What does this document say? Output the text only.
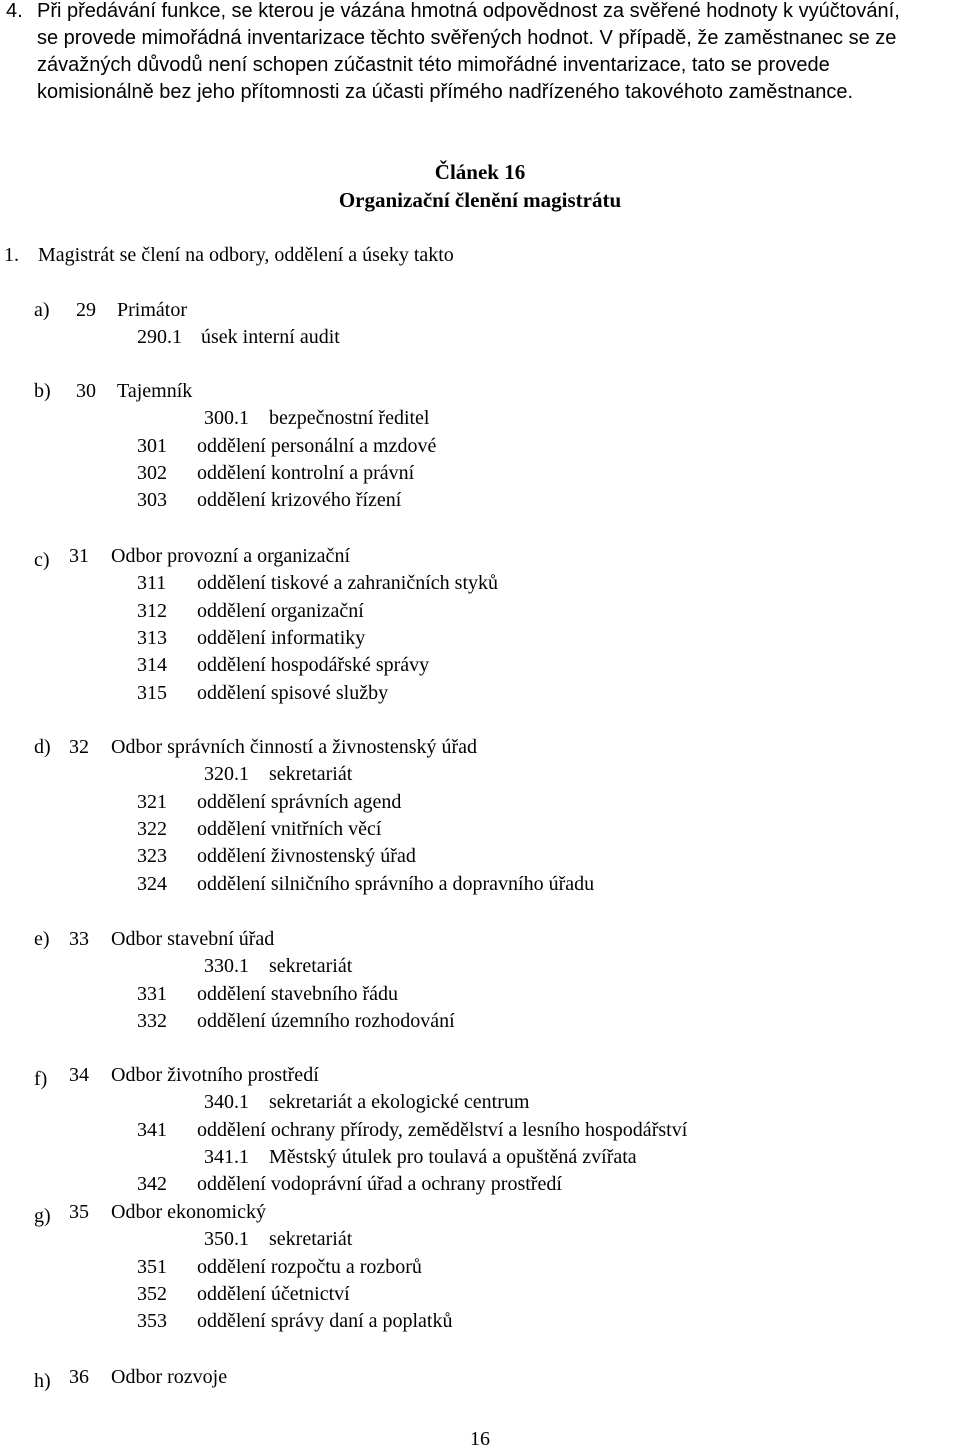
4. Při předávání funkce, se kterou je vázána hmotná odpovědnost za svěřené hodnoty k vyúčtování,
se provede mimořádná inventarizace těchto svěřených hodnot. V případě, že zaměstnanec se ze
závažných důvodů není schopen zúčastnit této mimořádné inventarizace, tato se provede
komisionálně bez jeho přítomnosti za účasti přímého nadřízeného takovéhoto zaměstnance.
Článek 16
Organizační členění magistrátu
1. Magistrát se člení na odbory, oddělení a úseky takto
a) 29 Primátor
290.1 úsek interní audit
b) 30 Tajemník
300.1 bezpečnostní ředitel
301 oddělení personální a mzdové
302 oddělení kontrolní a právní
303 oddělení krizového řízení
c) 31 Odbor provozní a organizační
311 oddělení tiskové a zahraničních styků
312 oddělení organizační
313 oddělení informatiky
314 oddělení hospodářské správy
315 oddělení spisové služby
d) 32 Odbor správních činností a živnostenský úřad
320.1 sekretariát
321 oddělení správních agend
322 oddělení vnitřních věcí
323 oddělení živnostenský úřad
324 oddělení silničního správního a dopravního úřadu
e) 33 Odbor stavební úřad
330.1 sekretariát
331 oddělení stavebního řádu
332 oddělení územního rozhodování
f) 34 Odbor životního prostředí
340.1 sekretariát a ekologické centrum
341 oddělení ochrany přírody, zemědělství a lesního hospodářství
341.1 Městský útulek pro toulavá a opuštěná zvířata
342 oddělení vodoprávní úřad a ochrany prostředí
g) 35 Odbor ekonomický
350.1 sekretariát
351 oddělení rozpočtu a rozborů
352 oddělení účetnictví
353 oddělení správy daní a poplatků
h) 36 Odbor rozvoje
16
